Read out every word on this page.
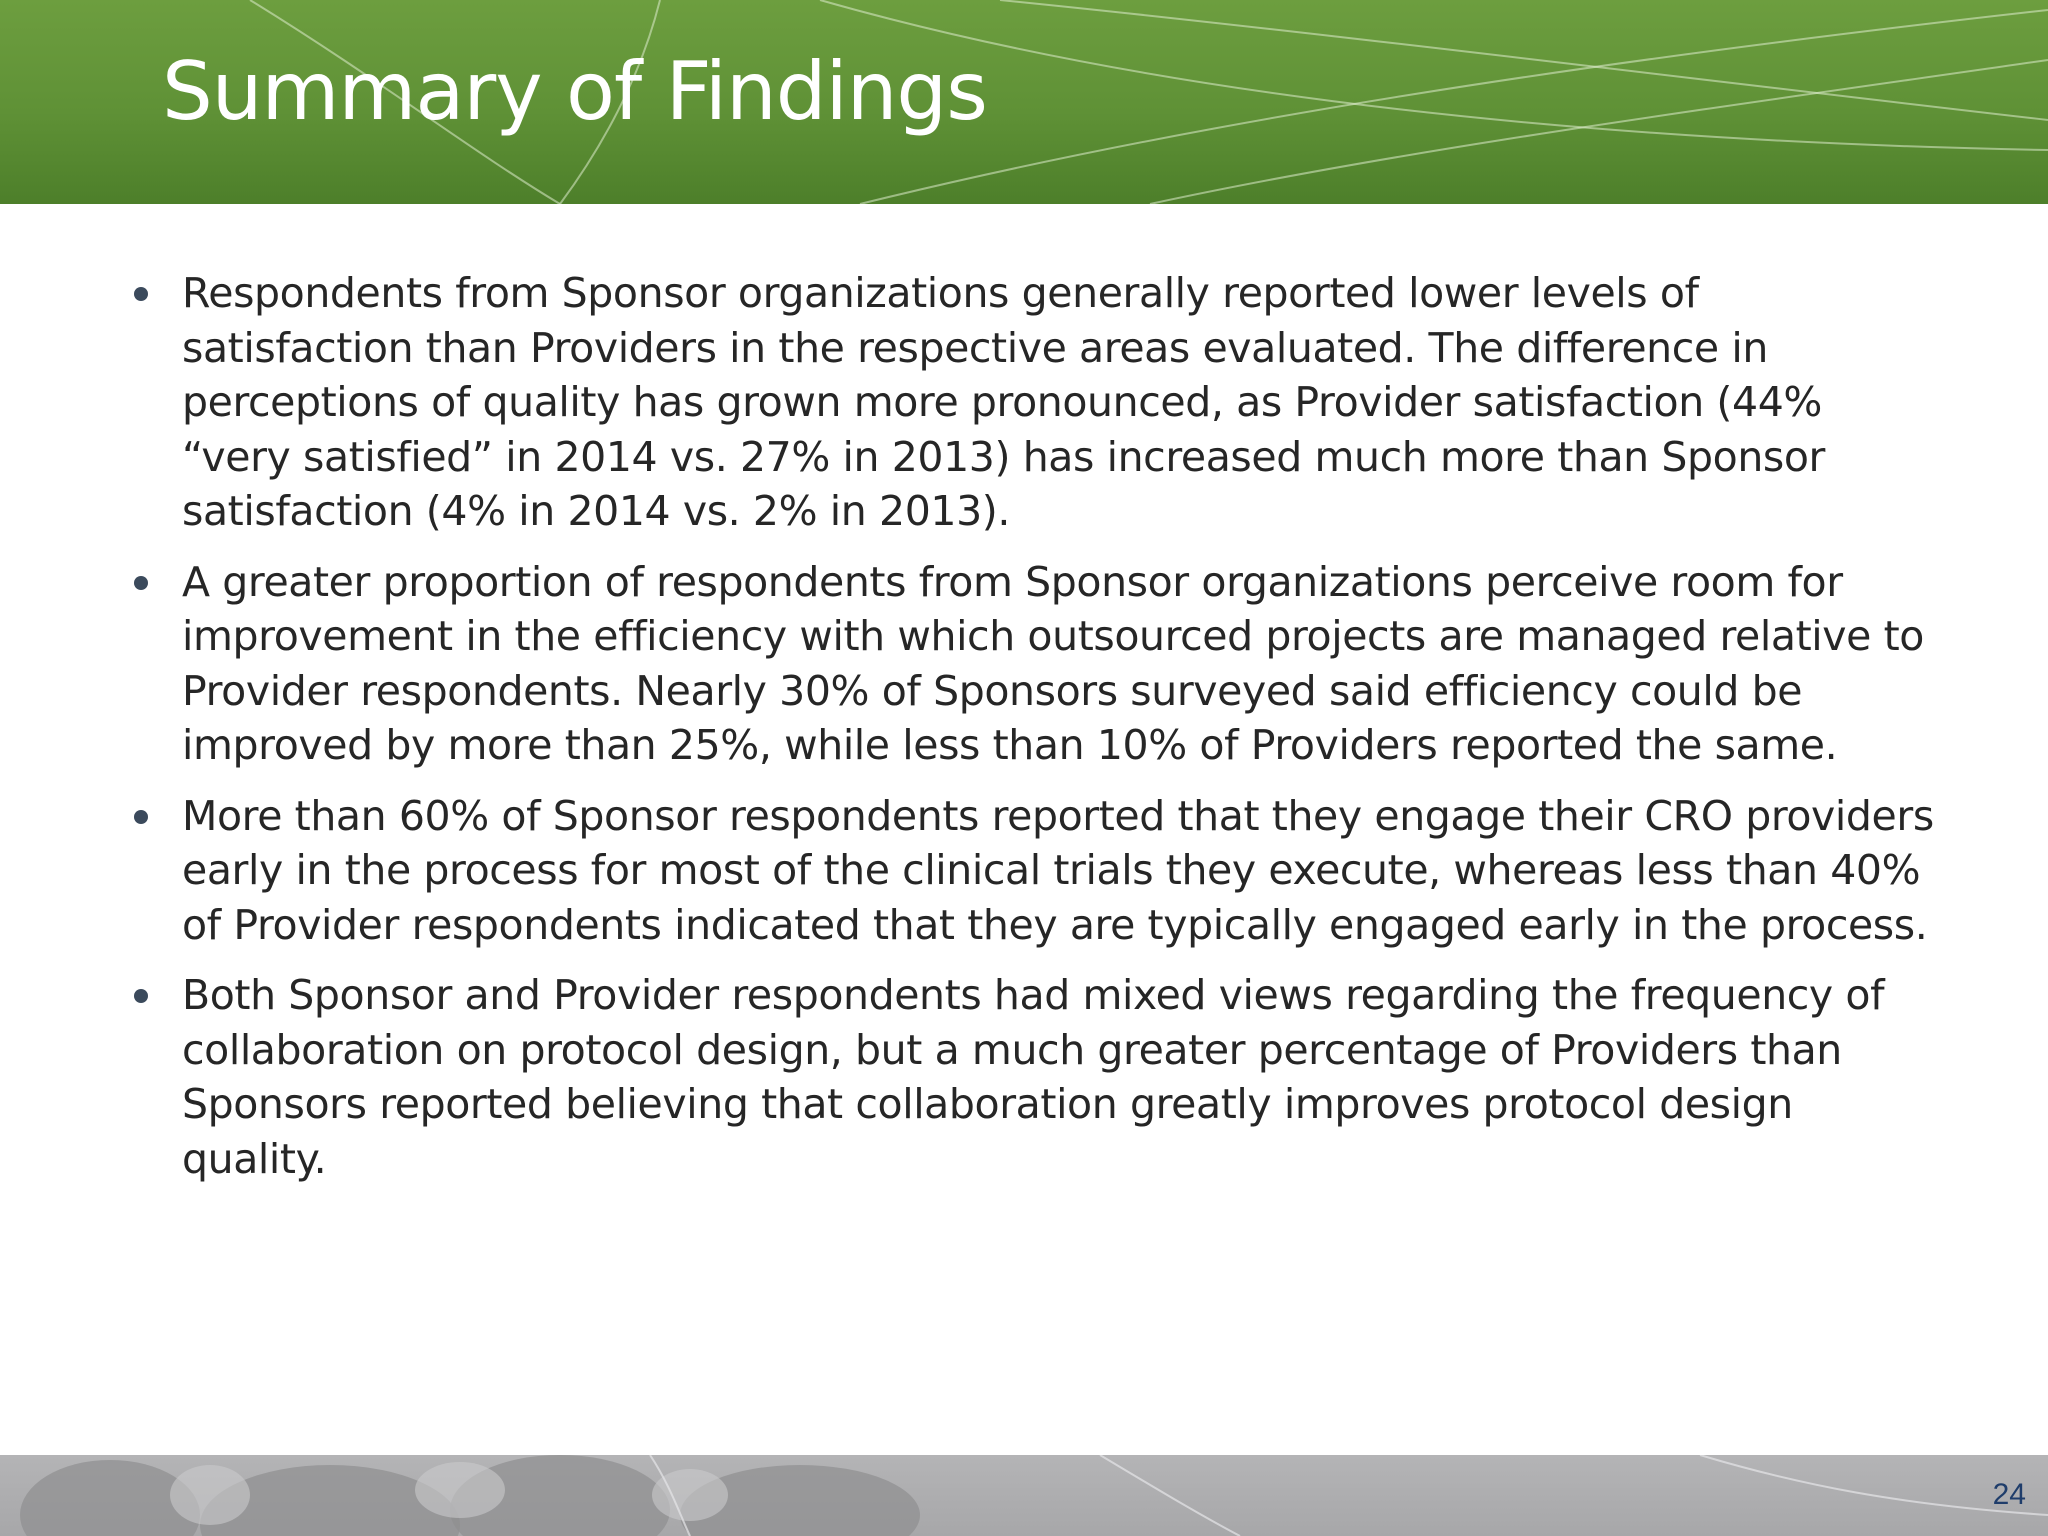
Summary of Findings
Respondents from Sponsor organizations generally reported lower levels of satisfaction than Providers in the respective areas evaluated. The difference in perceptions of quality has grown more pronounced, as Provider satisfaction (44% “very satisfied” in 2014 vs. 27% in 2013) has increased much more than Sponsor satisfaction (4% in 2014 vs. 2% in 2013).
A greater proportion of respondents from Sponsor organizations perceive room for improvement in the efficiency with which outsourced projects are managed relative to Provider respondents. Nearly 30% of Sponsors surveyed said efficiency could be improved by more than 25%, while less than 10% of Providers reported the same.
More than 60% of Sponsor respondents reported that they engage their CRO providers early in the process for most of the clinical trials they execute, whereas less than 40% of Provider respondents indicated that they are typically engaged early in the process.
Both Sponsor and Provider respondents had mixed views regarding the frequency of collaboration on protocol design, but a much greater percentage of Providers than Sponsors reported believing that collaboration greatly improves protocol design quality.
24
